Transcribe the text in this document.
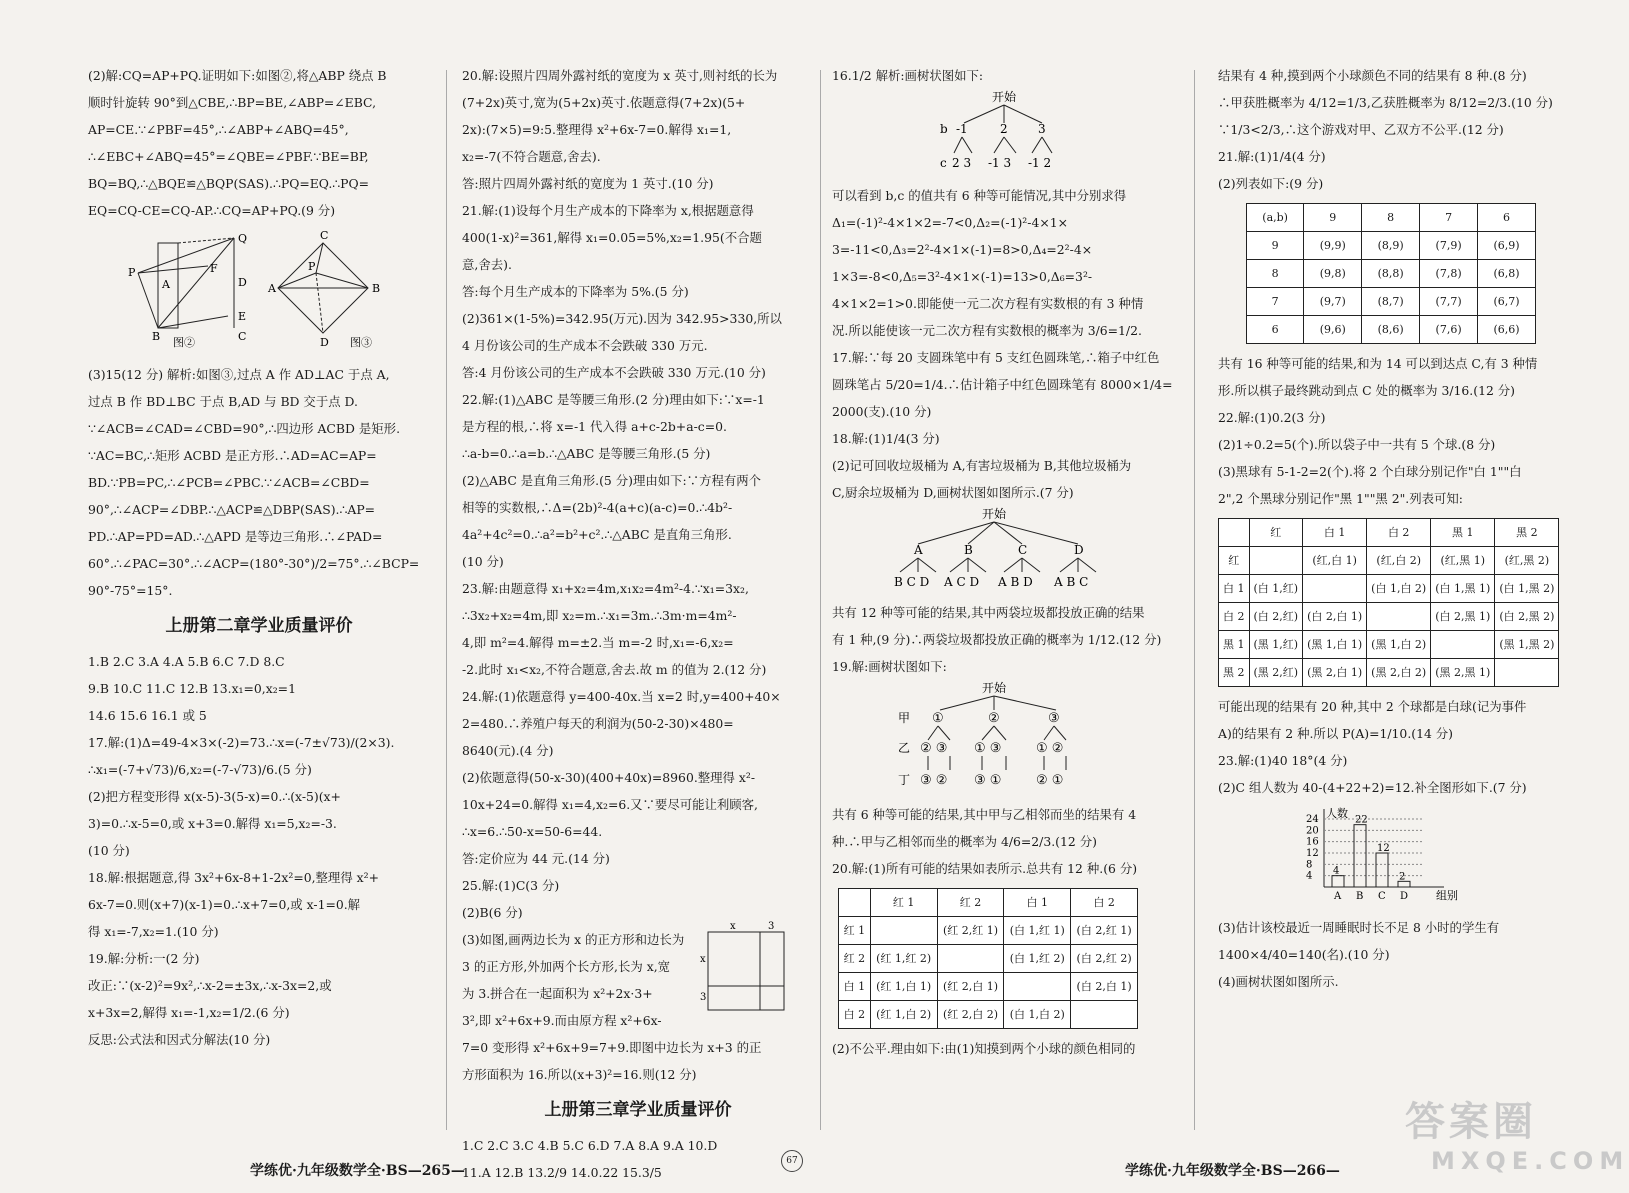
(2)解:CQ=AP+PQ.证明如下:如图②,将△ABP 绕点 B
顺时针旋转 90°到△CBE,∴BP=BE,∠ABP=∠EBC,
AP=CE.∵∠PBF=45°,∴∠ABP+∠ABQ=45°,
∴∠EBC+∠ABQ=45°=∠QBE=∠PBF.∵BE=BP,
BQ=BQ,∴△BQE≌△BQP(SAS).∴PQ=EQ.∴PQ=
EQ=CQ-CE=CQ-AP.∴CQ=AP+PQ.(9 分)
P
B
Q
D
E
C
F
A
C
A	B
D
P
图②	图③
(3)15(12 分) 解析:如图③,过点 A 作 AD⊥AC 于点 A,
过点 B 作 BD⊥BC 于点 B,AD 与 BD 交于点 D.
∵∠ACB=∠CAD=∠CBD=90°,∴四边形 ACBD 是矩形.
∵AC=BC,∴矩形 ACBD 是正方形.∴AD=AC=AP=
BD.∵PB=PC,∴∠PCB=∠PBC.∵∠ACB=∠CBD=
90°,∴∠ACP=∠DBP.∴△ACP≌△DBP(SAS).∴AP=
PD.∴AP=PD=AD.∴△APD 是等边三角形.∴∠PAD=
60°.∴∠PAC=30°.∴∠ACP=(180°-30°)/2=75°.∴∠BCP=
90°-75°=15°.
上册第二章学业质量评价
1.B 2.C 3.A 4.A 5.B 6.C 7.D 8.C
9.B 10.C 11.C 12.B 13.x₁=0,x₂=1
14.6 15.6 16.1 或 5
17.解:(1)Δ=49-4×3×(-2)=73.∴x=(-7±√73)/(2×3).
∴x₁=(-7+√73)/6,x₂=(-7-√73)/6.(5 分)
(2)把方程变形得 x(x-5)-3(5-x)=0.∴(x-5)(x+
3)=0.∴x-5=0,或 x+3=0.解得 x₁=5,x₂=-3.
(10 分)
18.解:根据题意,得 3x²+6x-8+1-2x²=0,整理得 x²+
6x-7=0.则(x+7)(x-1)=0.∴x+7=0,或 x-1=0.解
得 x₁=-7,x₂=1.(10 分)
19.解:分析:一(2 分)
改正:∵(x-2)²=9x²,∴x-2=±3x,∴x-3x=2,或
x+3x=2,解得 x₁=-1,x₂=1/2.(6 分)
反思:公式法和因式分解法(10 分)
20.解:设照片四周外露衬纸的宽度为 x 英寸,则衬纸的长为
(7+2x)英寸,宽为(5+2x)英寸.依题意得(7+2x)(5+
2x):(7×5)=9:5.整理得 x²+6x-7=0.解得 x₁=1,
x₂=-7(不符合题意,舍去).
答:照片四周外露衬纸的宽度为 1 英寸.(10 分)
21.解:(1)设每个月生产成本的下降率为 x,根据题意得
400(1-x)²=361,解得 x₁=0.05=5%,x₂=1.95(不合题
意,舍去).
答:每个月生产成本的下降率为 5%.(5 分)
(2)361×(1-5%)=342.95(万元).因为 342.95>330,所以
4 月份该公司的生产成本不会跌破 330 万元.
答:4 月份该公司的生产成本不会跌破 330 万元.(10 分)
22.解:(1)△ABC 是等腰三角形.(2 分)理由如下:∵x=-1
是方程的根,∴将 x=-1 代入得 a+c-2b+a-c=0.
∴a-b=0.∴a=b.∴△ABC 是等腰三角形.(5 分)
(2)△ABC 是直角三角形.(5 分)理由如下:∵方程有两个
相等的实数根,∴Δ=(2b)²-4(a+c)(a-c)=0.∴4b²-
4a²+4c²=0.∴a²=b²+c².∴△ABC 是直角三角形.
(10 分)
23.解:由题意得 x₁+x₂=4m,x₁x₂=4m²-4.∵x₁=3x₂,
∴3x₂+x₂=4m,即 x₂=m.∴x₁=3m.∴3m·m=4m²-
4,即 m²=4.解得 m=±2.当 m=-2 时,x₁=-6,x₂=
-2.此时 x₁<x₂,不符合题意,舍去.故 m 的值为 2.(12 分)
24.解:(1)依题意得 y=400-40x.当 x=2 时,y=400+40×
2=480.∴养殖户每天的利润为(50-2-30)×480=
8640(元).(4 分)
(2)依题意得(50-x-30)(400+40x)=8960.整理得 x²-
10x+24=0.解得 x₁=4,x₂=6.又∵要尽可能让利顾客,
∴x=6.∴50-x=50-6=44.
答:定价应为 44 元.(14 分)
25.解:(1)C(3 分)
(2)B(6 分)
(3)如图,画两边长为 x 的正方形和边长为
3 的正方形,外加两个长方形,长为 x,宽
为 3.拼合在一起面积为 x²+2x·3+
3²,即 x²+6x+9.而由原方程 x²+6x-
7=0 变形得 x²+6x+9=7+9.即图中边长为 x+3 的正
方形面积为 16.所以(x+3)²=16.则(12 分)
x	3
x
3
上册第三章学业质量评价
1.C 2.C 3.C 4.B 5.C 6.D 7.A 8.A 9.A 10.D
11.A 12.B 13.2/9 14.0.22 15.3/5
16.1/2 解析:画树状图如下:
开始
b -1	2	3
c 2 3 -1 3 -1 2
可以看到 b,c 的值共有 6 种等可能情况,其中分别求得
Δ₁=(-1)²-4×1×2=-7<0,Δ₂=(-1)²-4×1×
3=-11<0,Δ₃=2²-4×1×(-1)=8>0,Δ₄=2²-4×
1×3=-8<0,Δ₅=3²-4×1×(-1)=13>0,Δ₆=3²-
4×1×2=1>0.即能使一元二次方程有实数根的有 3 种情
况.所以能使该一元二次方程有实数根的概率为 3/6=1/2.
17.解:∵每 20 支圆珠笔中有 5 支红色圆珠笔,∴箱子中红色
圆珠笔占 5/20=1/4.∴估计箱子中红色圆珠笔有 8000×1/4=
2000(支).(10 分)
18.解:(1)1/4(3 分)
(2)记可回收垃圾桶为 A,有害垃圾桶为 B,其他垃圾桶为
C,厨余垃圾桶为 D,画树状图如图所示.(7 分)
开始
A	B	C	D
B C D A C D A B D A B C
共有 12 种等可能的结果,其中两袋垃圾都投放正确的结果
有 1 种,(9 分)∴两袋垃圾都投放正确的概率为 1/12.(12 分)
19.解:画树状图如下:
开始
甲 ①	②	③
乙 ② ③ ① ③	① ②
丁 ③ ② ③ ①	② ①
共有 6 种等可能的结果,其中甲与乙相邻而坐的结果有 4
种.∴甲与乙相邻而坐的概率为 4/6=2/3.(12 分)
20.解:(1)所有可能的结果如表所示.总共有 12 种.(6 分)
	红 1	红 2	白 1	白 2
红 1		(红 2,红 1)	(白 1,红 1)	(白 2,红 1)
红 2	(红 1,红 2)		(白 1,红 2)	(白 2,红 2)
白 1	(红 1,白 1)	(红 2,白 1)		(白 2,白 1)
白 2	(红 1,白 2)	(红 2,白 2)	(白 1,白 2)	
(2)不公平.理由如下:由(1)知摸到两个小球的颜色相同的
结果有 4 种,摸到两个小球颜色不同的结果有 8 种.(8 分)
∴甲获胜概率为 4/12=1/3,乙获胜概率为 8/12=2/3.(10 分)
∵1/3<2/3,∴这个游戏对甲、乙双方不公平.(12 分)
21.解:(1)1/4(4 分)
(2)列表如下:(9 分)
(a,b)	9	8	7	6
9	(9,9)	(8,9)	(7,9)	(6,9)
8	(9,8)	(8,8)	(7,8)	(6,8)
7	(9,7)	(8,7)	(7,7)	(6,7)
6	(9,6)	(8,6)	(7,6)	(6,6)
共有 16 种等可能的结果,和为 14 可以到达点 C,有 3 种情
形.所以棋子最终跳动到点 C 处的概率为 3/16.(12 分)
22.解:(1)0.2(3 分)
(2)1÷0.2=5(个).所以袋子中一共有 5 个球.(8 分)
(3)黑球有 5-1-2=2(个).将 2 个白球分别记作"白 1""白
2",2 个黑球分别记作"黑 1""黑 2".列表可知:
	红	白 1	白 2	黑 1	黑 2
红		(红,白 1)	(红,白 2)	(红,黑 1)	(红,黑 2)
白 1	(白 1,红)		(白 1,白 2)	(白 1,黑 1)	(白 1,黑 2)
白 2	(白 2,红)	(白 2,白 1)		(白 2,黑 1)	(白 2,黑 2)
黑 1	(黑 1,红)	(黑 1,白 1)	(黑 1,白 2)		(黑 1,黑 2)
黑 2	(黑 2,红)	(黑 2,白 1)	(黑 2,白 2)	(黑 2,黑 1)	
可能出现的结果有 20 种,其中 2 个球都是白球(记为事件
A)的结果有 2 种.所以 P(A)=1/10.(14 分)
23.解:(1)40 18°(4 分)
(2)C 组人数为 40-(4+22+2)=12.补全图形如下.(7 分)
4
8
12
16
20
24 人数
组别
4
A
22
B
12
C
2
D
(3)估计该校最近一周睡眠时长不足 8 小时的学生有
1400×4/40=140(名).(10 分)
(4)画树状图如图所示.
学练优·九年级数学全·BS—265—
67
学练优·九年级数学全·BS—266—
答案圈
MXQE.COM
